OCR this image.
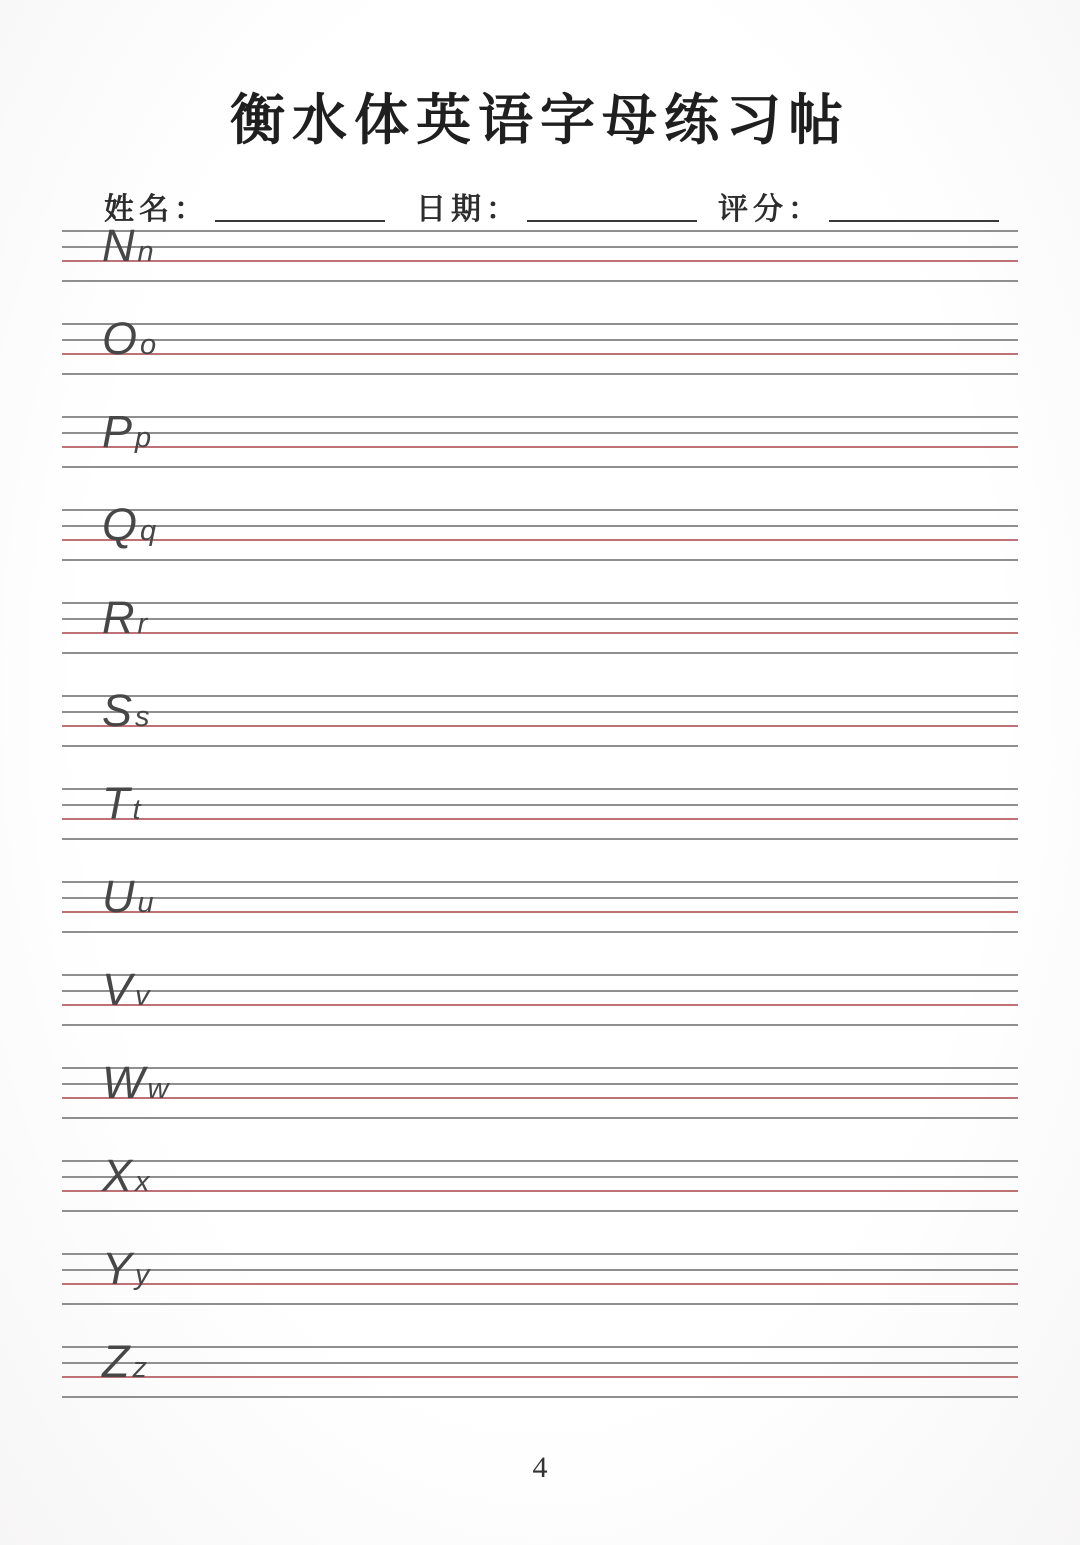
衡水体英语字母练习帖
姓名：	日期：	评分：
N n
O o
P p
Q q
R r
S s
T t
U u
V v
W w
X x
Y y
Z z
4
